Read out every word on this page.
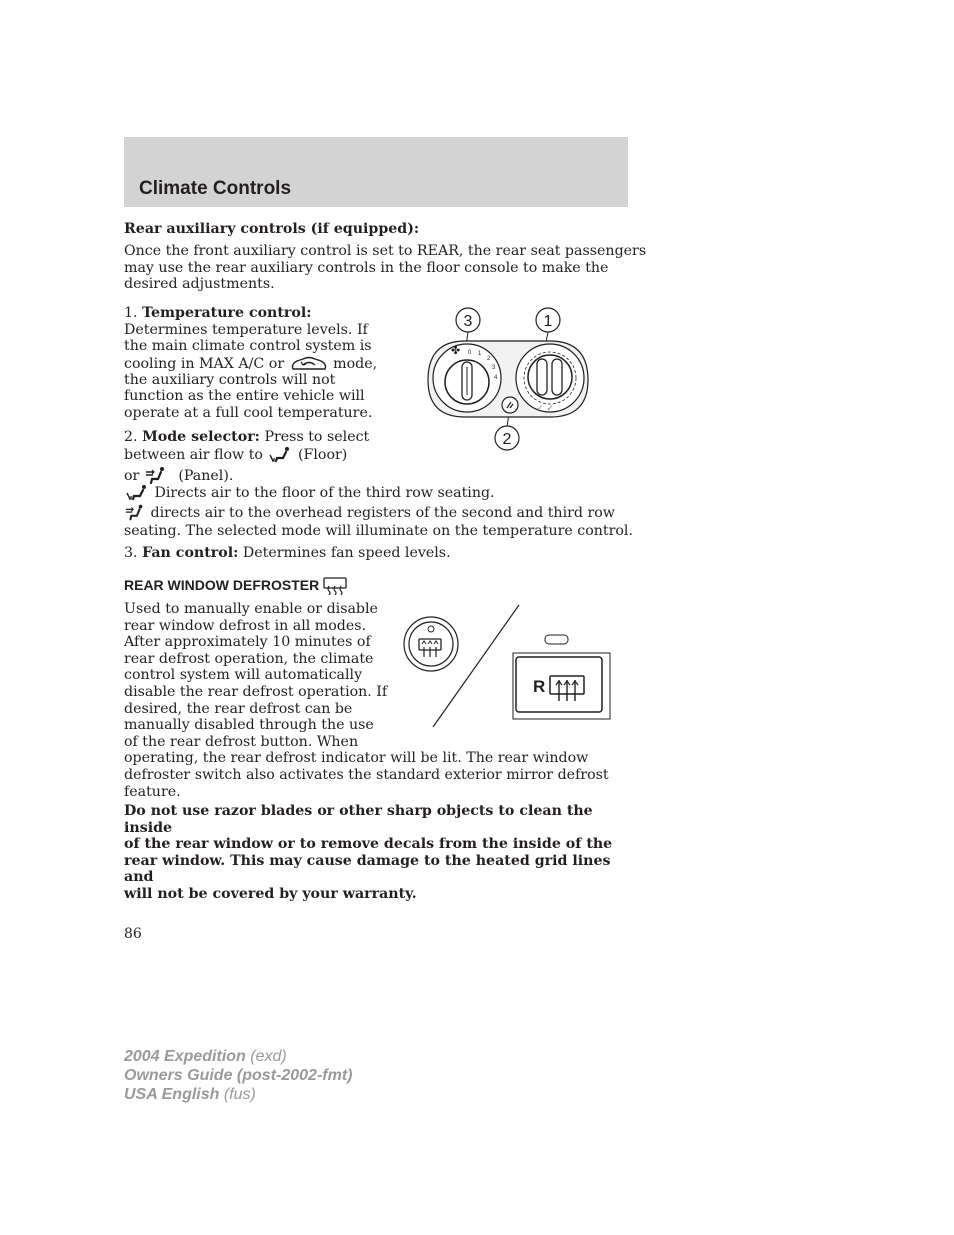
Climate Controls
Rear auxiliary controls (if equipped):
Once the front auxiliary control is set to REAR, the rear seat passengers
may use the rear auxiliary controls in the floor console to make the
desired adjustments.
1. Temperature control:
Determines temperature levels. If
the main climate control system is
cooling in MAX A/C or	mode,
the auxiliary controls will not
function as the entire vehicle will
operate at a full cool temperature.
2. Mode selector: Press to select
between air flow to (Floor)
or	(Panel).
Directs air to the floor of the third row seating.
directs air to the overhead registers of the second and third row
seating. The selected mode will illuminate on the temperature control.
3. Fan control: Determines fan speed levels.
3	1
2
✤ 0 1
2
3
4
✓ ✓
REAR WINDOW DEFROSTER
Used to manually enable or disable
rear window defrost in all modes.
After approximately 10 minutes of
rear defrost operation, the climate
control system will automatically
disable the rear defrost operation. If
desired, the rear defrost can be
manually disabled through the use
of the rear defrost button. When
operating, the rear defrost indicator will be lit. The rear window
defroster switch also activates the standard exterior mirror defrost
feature.
R
Do not use razor blades or other sharp objects to clean the inside
of the rear window or to remove decals from the inside of the
rear window. This may cause damage to the heated grid lines and
will not be covered by your warranty.
86
2004 Expedition (exd)
Owners Guide (post-2002-fmt)
USA English (fus)
